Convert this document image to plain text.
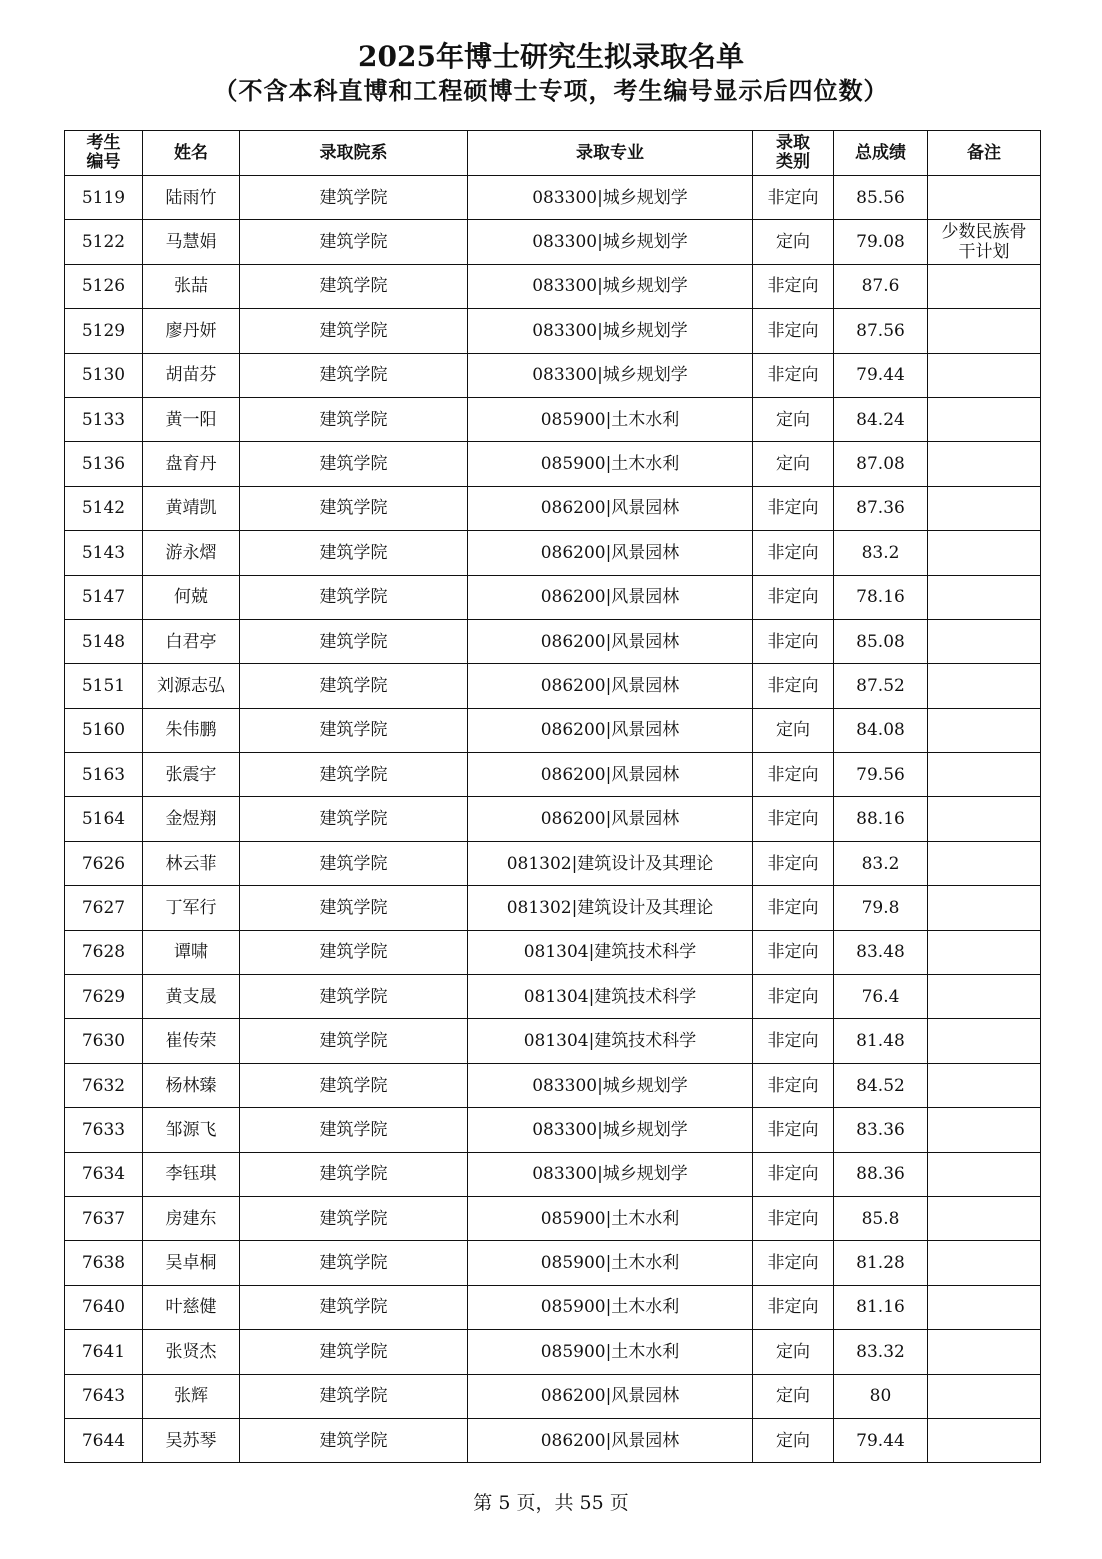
2025年博士研究生拟录取名单
（不含本科直博和工程硕博士专项，考生编号显示后四位数）
考生编号	姓名	录取院系	录取专业	录取类别	总成绩	备注
5119	陆雨竹	建筑学院	083300|城乡规划学	非定向	85.56	
5122	马慧娟	建筑学院	083300|城乡规划学	定向	79.08	少数民族骨干计划
5126	张喆	建筑学院	083300|城乡规划学	非定向	87.6	
5129	廖丹妍	建筑学院	083300|城乡规划学	非定向	87.56	
5130	胡苗芬	建筑学院	083300|城乡规划学	非定向	79.44	
5133	黄一阳	建筑学院	085900|土木水利	定向	84.24	
5136	盘育丹	建筑学院	085900|土木水利	定向	87.08	
5142	黄靖凯	建筑学院	086200|风景园林	非定向	87.36	
5143	游永熠	建筑学院	086200|风景园林	非定向	83.2	
5147	何兢	建筑学院	086200|风景园林	非定向	78.16	
5148	白君亭	建筑学院	086200|风景园林	非定向	85.08	
5151	刘源志弘	建筑学院	086200|风景园林	非定向	87.52	
5160	朱伟鹏	建筑学院	086200|风景园林	定向	84.08	
5163	张震宇	建筑学院	086200|风景园林	非定向	79.56	
5164	金煜翔	建筑学院	086200|风景园林	非定向	88.16	
7626	林云菲	建筑学院	081302|建筑设计及其理论	非定向	83.2	
7627	丁军行	建筑学院	081302|建筑设计及其理论	非定向	79.8	
7628	谭啸	建筑学院	081304|建筑技术科学	非定向	83.48	
7629	黄支晟	建筑学院	081304|建筑技术科学	非定向	76.4	
7630	崔传荣	建筑学院	081304|建筑技术科学	非定向	81.48	
7632	杨林臻	建筑学院	083300|城乡规划学	非定向	84.52	
7633	邹源飞	建筑学院	083300|城乡规划学	非定向	83.36	
7634	李钰琪	建筑学院	083300|城乡规划学	非定向	88.36	
7637	房建东	建筑学院	085900|土木水利	非定向	85.8	
7638	吴卓桐	建筑学院	085900|土木水利	非定向	81.28	
7640	叶慈健	建筑学院	085900|土木水利	非定向	81.16	
7641	张贤杰	建筑学院	085900|土木水利	定向	83.32	
7643	张辉	建筑学院	086200|风景园林	定向	80	
7644	吴苏琴	建筑学院	086200|风景园林	定向	79.44	
第 5 页，共 55 页
